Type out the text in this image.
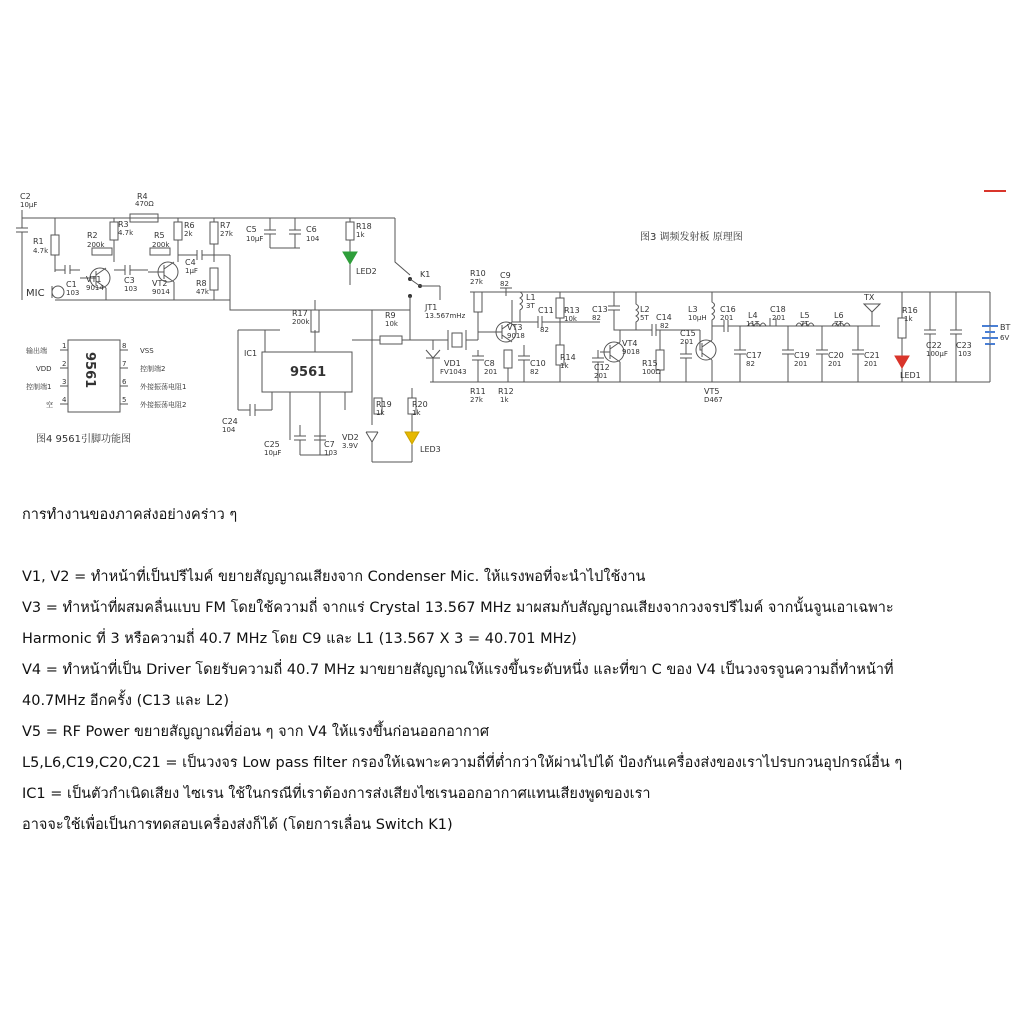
C2
10μF
R4
470Ω
R1
4.7k
R3
4.7k
R2
200k
VT1
9014
C1
103
MIC
C3
103
R5
200k
VT2
9014
R6
2k
R7
27k
C4
1μF
R8
47k
C5
10μF
C6
104
R18
1k
LED2	K1
9561
IC1
R17
200k
C24
104
C25
10μF
C7
103
VD2
3.9V
R19
1k
R20
1k
LED3
9561
输出端
VDD
控制端1
空
1
2
3
4
8
7
6
5
VSS
控制端2
外接振荡电阻1
外接振荡电阻2
图4 9561引脚功能图
图3 调频发射板 原理图
R9
10k
JT1
13.567mHz
VD1
FV1043
R10
27k
C8
201
R11
27k
R12
1k
VT3
9018
C9
82
L1
3T
C10
82
C11
82
R13
10k
R14
1k	C12
201
VT4
9018
C13
82
L2
5T C14
82
R15
100Ω
C15
201
VT5
D467
L3
10μH
C16
201
C17
82
L4
11T
C18
201
C19
201
L5
7T
C20
201
L6
7T
C21
201
TX
R16
1k
LED1
C22
100μF
C23
103
BT
6V

การทำงานของภาคส่งอย่างคร่าว ๆ

V1, V2 = ทำหน้าที่เป็นปรีไมค์ ขยายสัญญาณเสียงจาก Condenser Mic. ให้แรงพอที่จะนำไปใช้งาน

V3 = ทำหน้าที่ผสมคลื่นแบบ FM โดยใช้ความถี่ จากแร่ Crystal 13.567 MHz มาผสมกับสัญญาณเสียงจากวงจรปรีไมค์ จากนั้นจูนเอาเฉพาะ

Harmonic ที่ 3 หรือความถี่ 40.7 MHz โดย C9 และ L1 (13.567 X 3 = 40.701 MHz)

V4 = ทำหน้าที่เป็น Driver โดยรับความถี่ 40.7 MHz มาขยายสัญญาณให้แรงขึ้นระดับหนึ่ง และที่ขา C ของ V4 เป็นวงจรจูนความถี่ทำหน้าที่

40.7MHz อีกครั้ง (C13 และ L2)

V5 = RF Power ขยายสัญญาณที่อ่อน ๆ จาก V4 ให้แรงขึ้นก่อนออกอากาศ

L5,L6,C19,C20,C21 = เป็นวงจร Low pass filter กรองให้เฉพาะความถี่ที่ต่ำกว่าให้ผ่านไปได้ ป้องกันเครื่องส่งของเราไปรบกวนอุปกรณ์อื่น ๆ

IC1 = เป็นตัวกำเนิดเสียง ไซเรน ใช้ในกรณีที่เราต้องการส่งเสียงไซเรนออกอากาศแทนเสียงพูดของเรา

อาจจะใช้เพื่อเป็นการทดสอบเครื่องส่งก็ได้ (โดยการเลื่อน Switch K1)
